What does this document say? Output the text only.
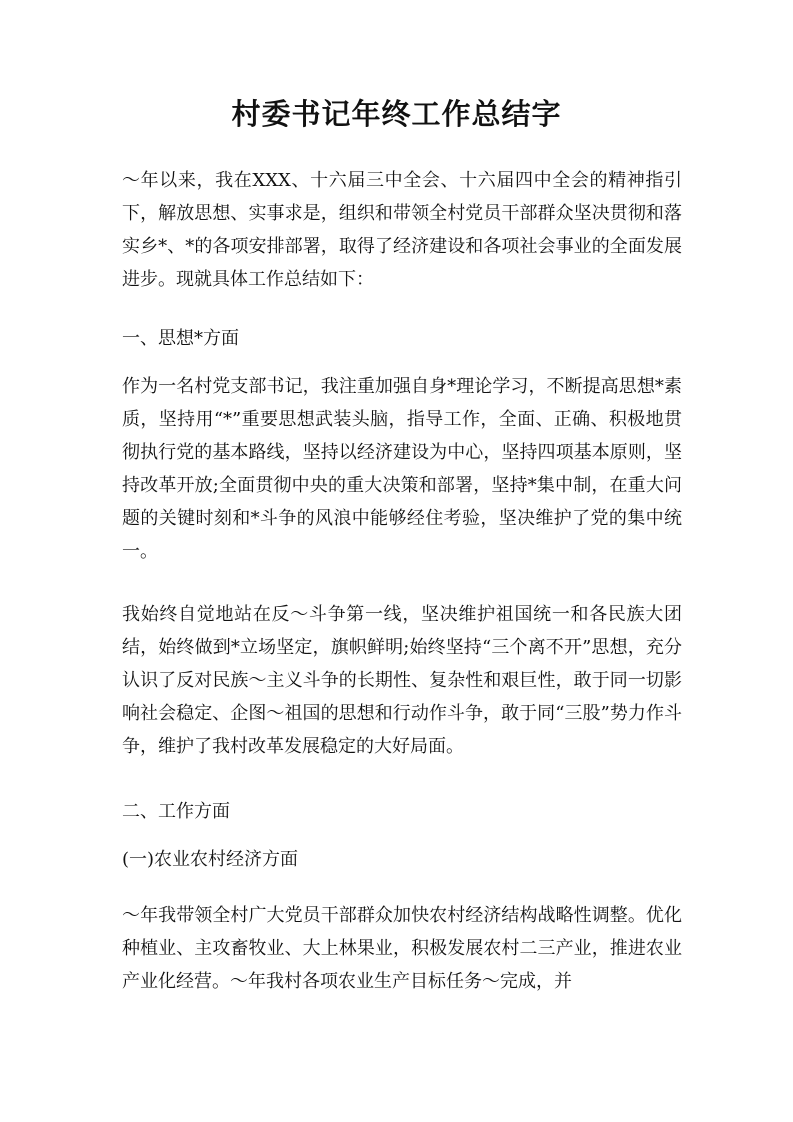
村委书记年终工作总结字
～年以来，我在XXX、十六届三中全会、十六届四中全会的精神指引下，解放思想、实事求是，组织和带领全村党员干部群众坚决贯彻和落实乡*、*的各项安排部署，取得了经济建设和各项社会事业的全面发展进步。现就具体工作总结如下：
一、思想*方面
作为一名村党支部书记，我注重加强自身*理论学习，不断提高思想*素质，坚持用“*”重要思想武装头脑，指导工作，全面、正确、积极地贯彻执行党的基本路线，坚持以经济建设为中心，坚持四项基本原则，坚持改革开放;全面贯彻中央的重大决策和部署，坚持*集中制，在重大问题的关键时刻和*斗争的风浪中能够经住考验，坚决维护了党的集中统一。
我始终自觉地站在反～斗争第一线，坚决维护祖国统一和各民族大团结，始终做到*立场坚定，旗帜鲜明;始终坚持“三个离不开”思想，充分认识了反对民族～主义斗争的长期性、复杂性和艰巨性，敢于同一切影响社会稳定、企图～祖国的思想和行动作斗争，敢于同“三股”势力作斗争，维护了我村改革发展稳定的大好局面。
二、工作方面
(一)农业农村经济方面
～年我带领全村广大党员干部群众加快农村经济结构战略性调整。优化种植业、主攻畜牧业、大上林果业，积极发展农村二三产业，推进农业产业化经营。～年我村各项农业生产目标任务～完成，并
